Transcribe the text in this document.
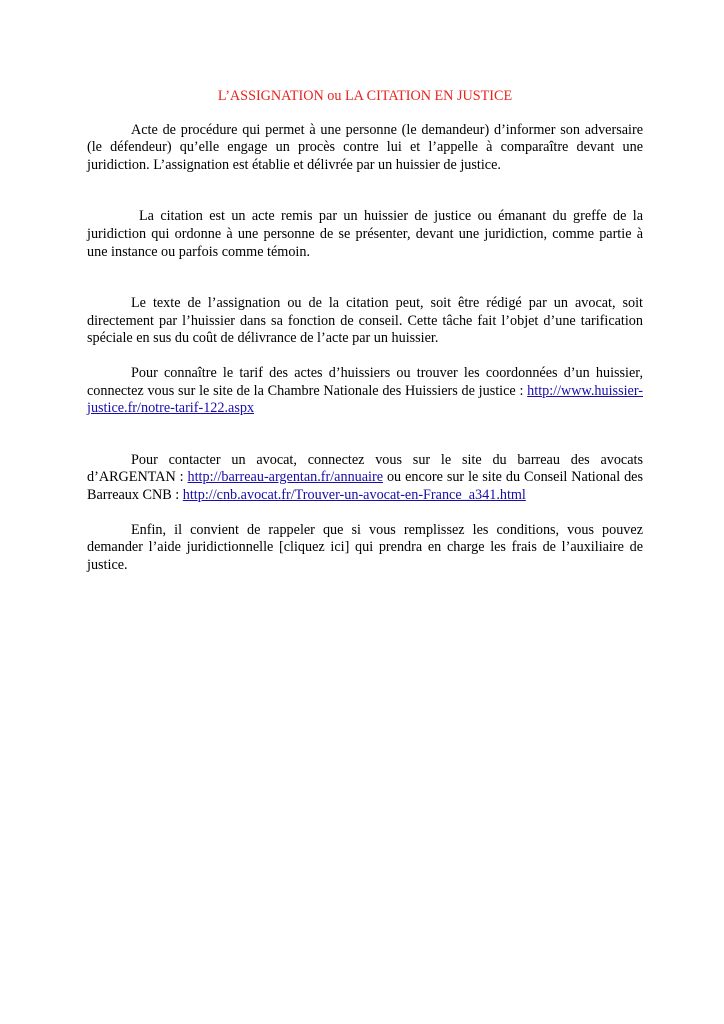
L’ASSIGNATION ou LA CITATION EN JUSTICE

Acte de procédure qui permet à une personne (le demandeur) d’informer son adversaire (le défendeur) qu’elle engage un procès contre lui et l’appelle à comparaître devant une juridiction. L’assignation est établie et délivrée par un huissier de justice.

La citation est un acte remis par un huissier de justice ou émanant du greffe de la juridiction qui ordonne à une personne de se présenter, devant une juridiction, comme partie à une instance ou parfois comme témoin.

Le texte de l’assignation ou de la citation peut, soit être rédigé par un avocat, soit directement par l’huissier dans sa fonction de conseil. Cette tâche fait l’objet d’une tarification spéciale en sus du coût de délivrance de l’acte par un huissier.

Pour connaître le tarif des actes d’huissiers ou trouver les coordonnées d’un huissier, connectez vous sur le site de la Chambre Nationale des Huissiers de justice : http://www.huissier-justice.fr/notre-tarif-122.aspx

Pour contacter un avocat, connectez vous sur le site du barreau des avocats d’ARGENTAN : http://barreau-argentan.fr/annuaire ou encore sur le site du Conseil National des Barreaux CNB : http://cnb.avocat.fr/Trouver-un-avocat-en-France_a341.html

Enfin, il convient de rappeler que si vous remplissez les conditions, vous pouvez demander l’aide juridictionnelle [cliquez ici] qui prendra en charge les frais de l’auxiliaire de justice.
